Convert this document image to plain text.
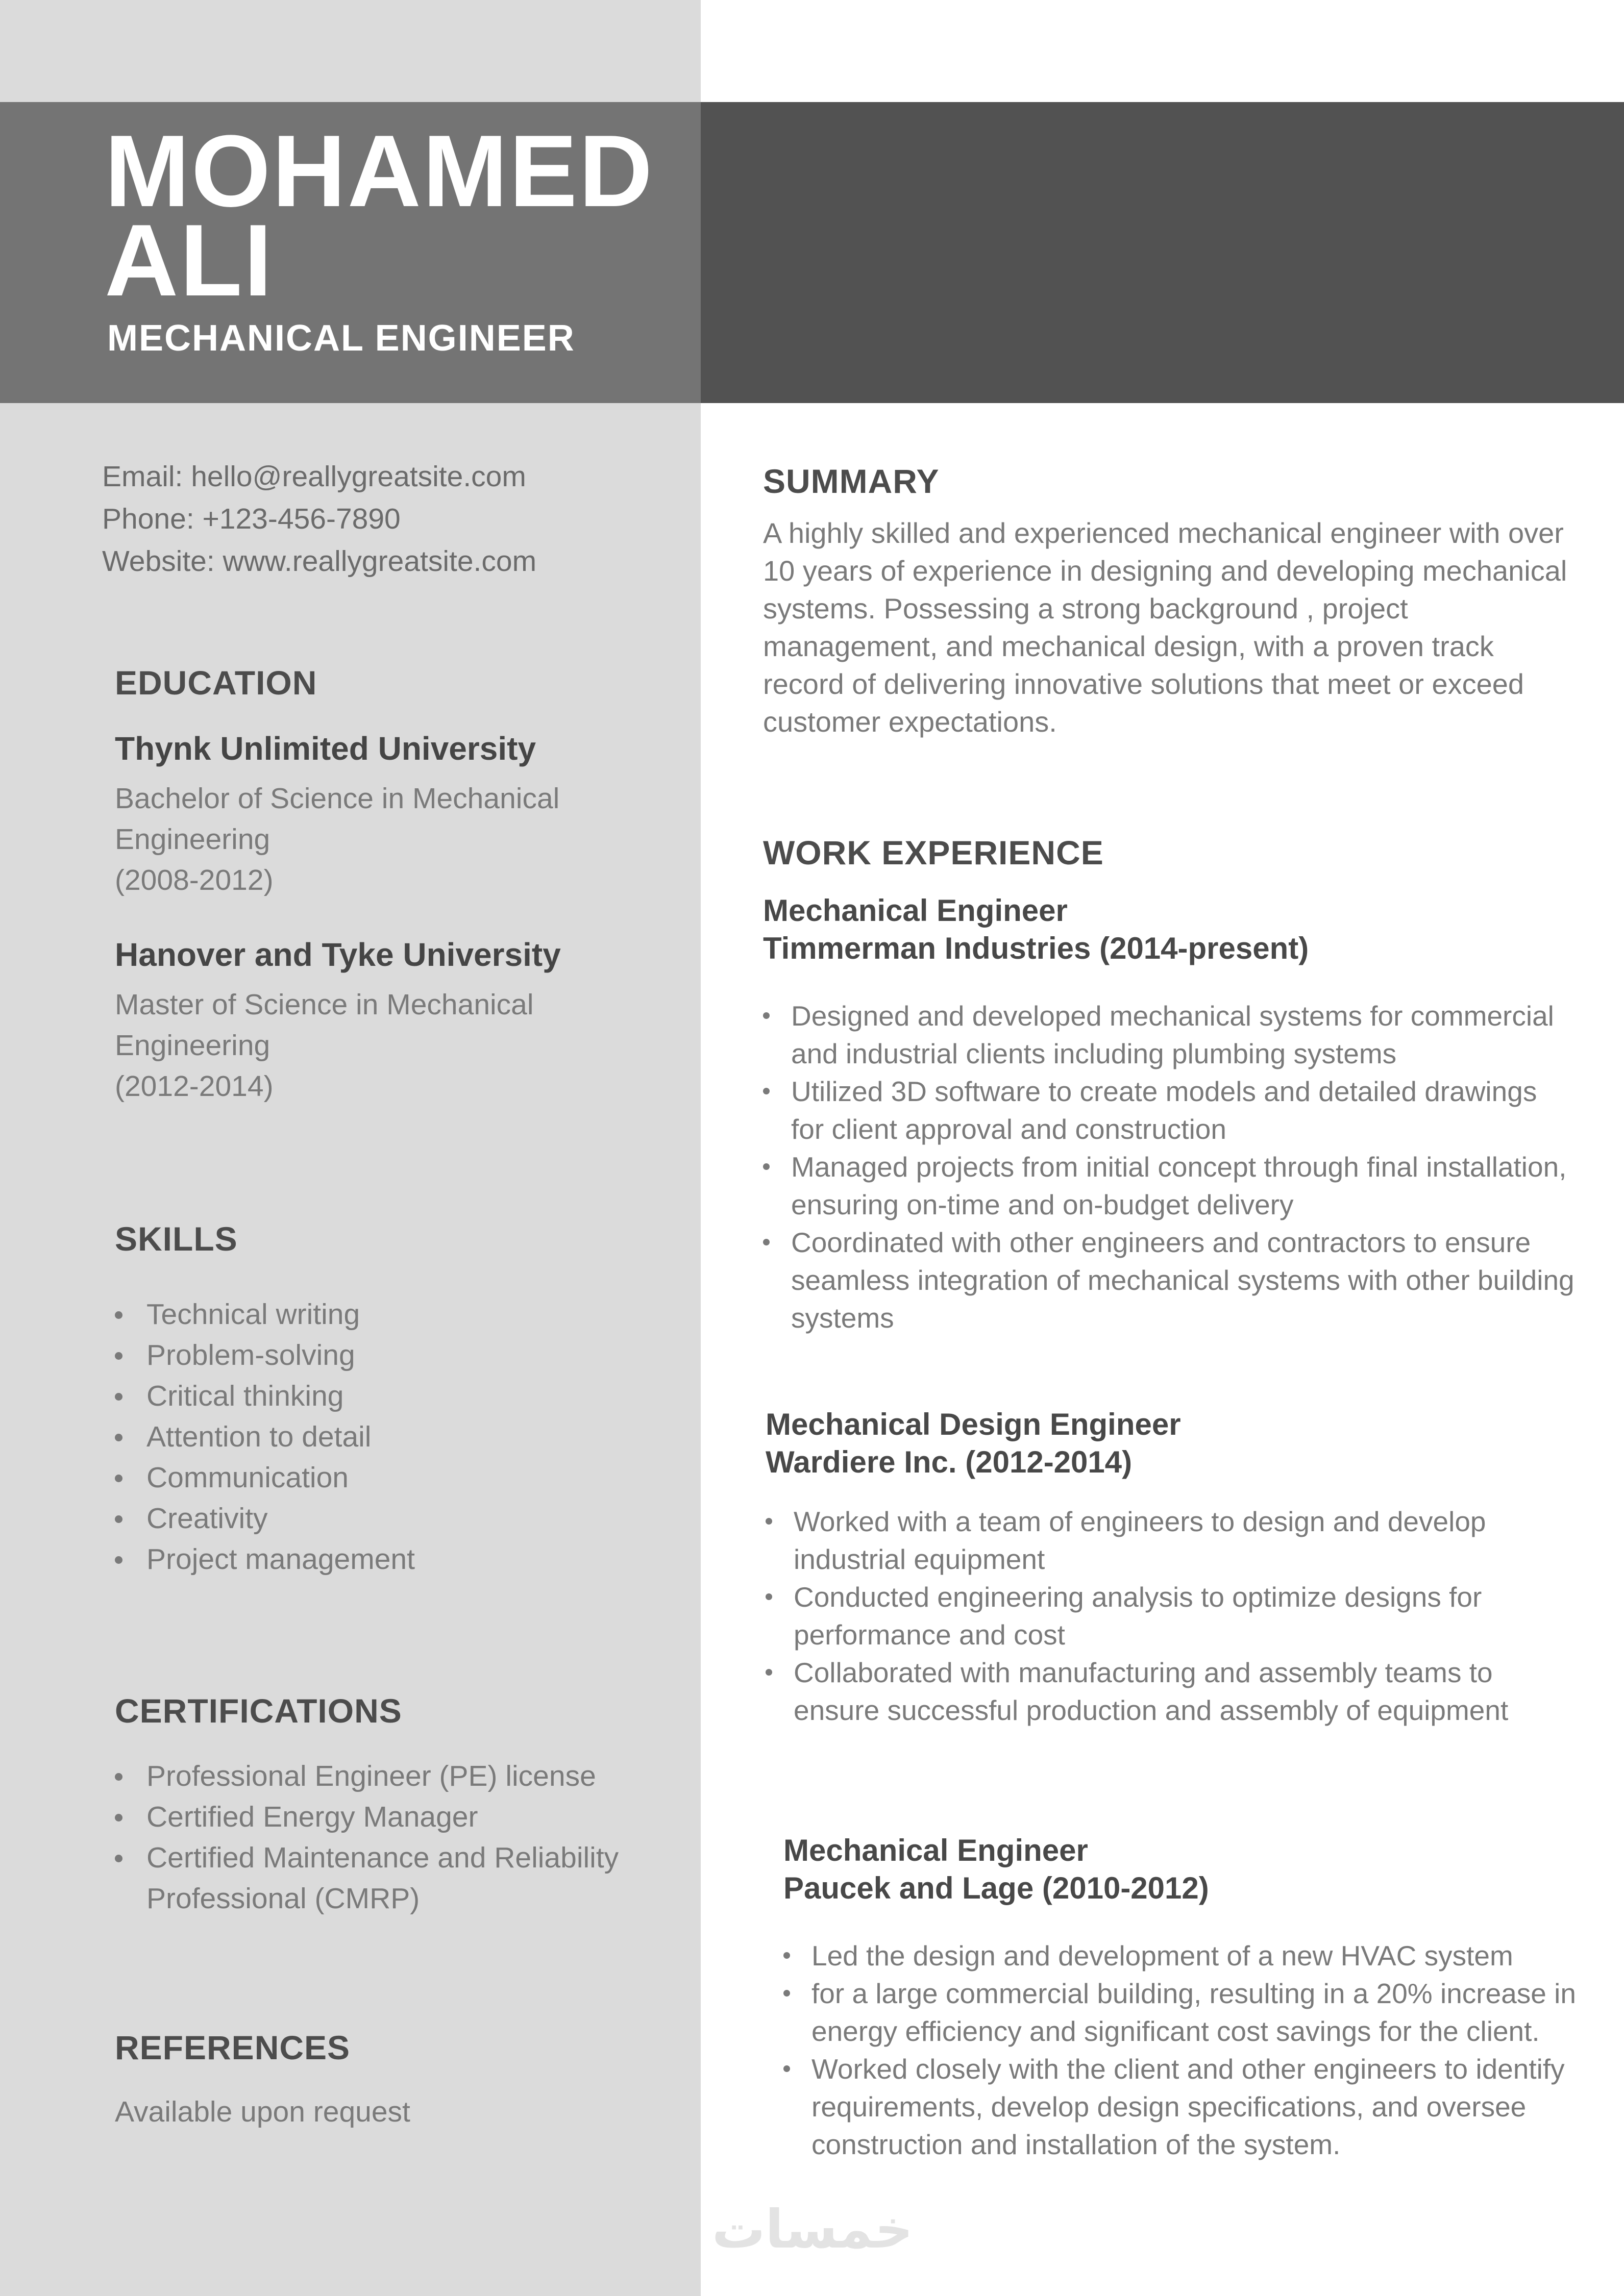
MOHAMED
ALI
MECHANICAL ENGINEER
Email: hello@reallygreatsite.com
Phone: +123-456-7890
Website: www.reallygreatsite.com
EDUCATION
Thynk Unlimited University
Bachelor of Science in Mechanical Engineering
(2008-2012)
Hanover and Tyke University
Master of Science in Mechanical Engineering
(2012-2014)
SKILLS
Technical writing
Problem-solving
Critical thinking
Attention to detail
Communication
Creativity
Project management
CERTIFICATIONS
Professional Engineer (PE) license
Certified Energy Manager
Certified Maintenance and Reliability Professional (CMRP)
REFERENCES
Available upon request
SUMMARY
A highly skilled and experienced mechanical engineer with over 10 years of experience in designing and developing mechanical systems. Possessing a strong background , project management, and mechanical design, with a proven track record of delivering innovative solutions that meet or exceed customer expectations.
WORK EXPERIENCE
Mechanical Engineer
Timmerman Industries (2014-present)
Designed and developed mechanical systems for commercial and industrial clients including plumbing systems
Utilized 3D software to create models and detailed drawings for client approval and construction
Managed projects from initial concept through final installation, ensuring on-time and on-budget delivery
Coordinated with other engineers and contractors to ensure seamless integration of mechanical systems with other building systems
Mechanical Design Engineer
Wardiere Inc. (2012-2014)
Worked with a team of engineers to design and develop industrial equipment
Conducted engineering analysis to optimize designs for performance and cost
Collaborated with manufacturing and assembly teams to ensure successful production and assembly of equipment
Mechanical Engineer
Paucek and Lage (2010-2012)
Led the design and development of a new HVAC system
for a large commercial building, resulting in a 20% increase in energy efficiency and significant cost savings for the client.
Worked closely with the client and other engineers to identify requirements, develop design specifications, and oversee construction and installation of the system.
خمسات
